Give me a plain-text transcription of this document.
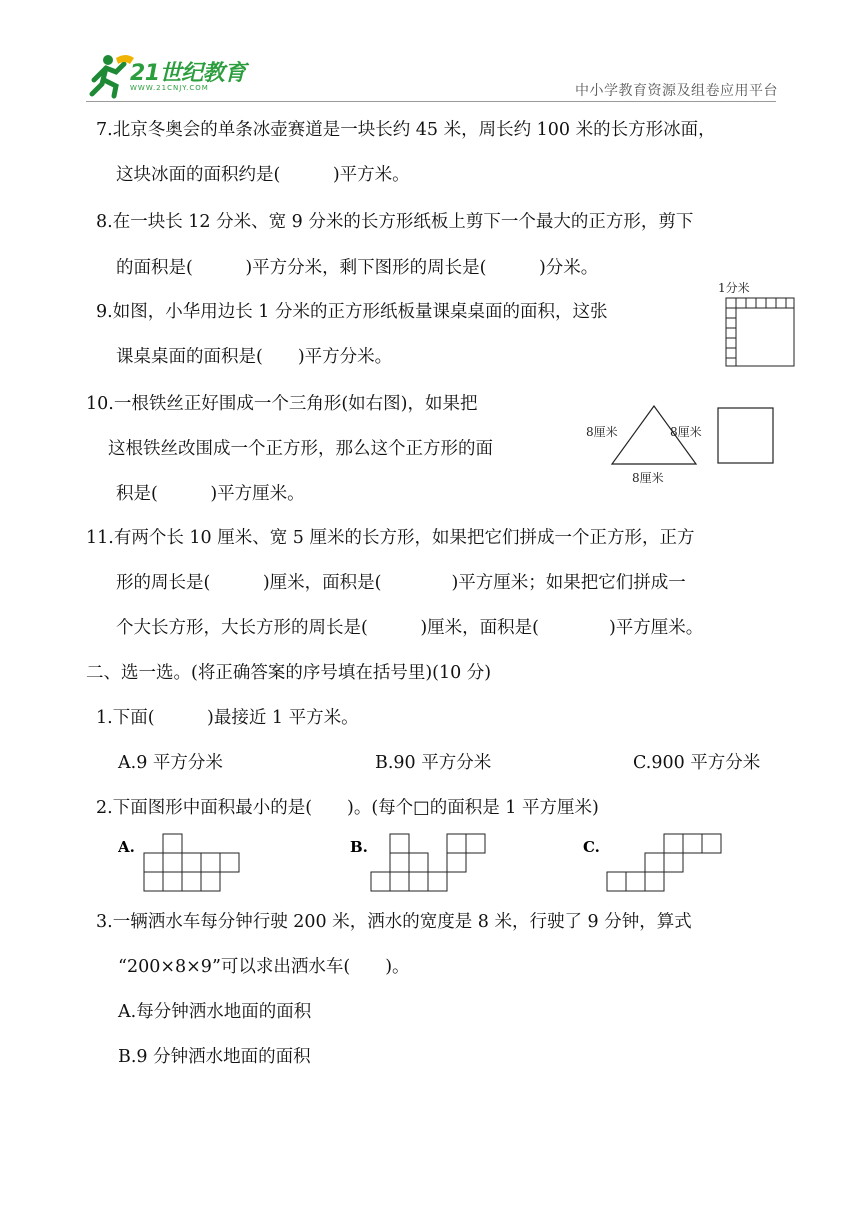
21世纪教育
WWW.21CNJY.COM	中小学教育资源及组卷应用平台
7.北京冬奥会的单条冰壶赛道是一块长约 45 米，周长约 100 米的长方形冰面，
这块冰面的面积约是(　　　)平方米。
8.在一块长 12 分米、宽 9 分米的长方形纸板上剪下一个最大的正方形，剪下
的面积是(　　　)平方分米，剩下图形的周长是(　　　)分米。
9.如图，小华用边长 1 分米的正方形纸板量课桌桌面的面积，这张
课桌桌面的面积是(　　)平方分米。
1分米
10.一根铁丝正好围成一个三角形(如右图)，如果把
这根铁丝改围成一个正方形，那么这个正方形的面
积是(　　　)平方厘米。
8厘米	8厘米
8厘米
11.有两个长 10 厘米、宽 5 厘米的长方形，如果把它们拼成一个正方形，正方
形的周长是(　　　)厘米，面积是(　　　　)平方厘米；如果把它们拼成一
个大长方形，大长方形的周长是(　　　)厘米，面积是(　　　　)平方厘米。
二、选一选。(将正确答案的序号填在括号里)(10 分)
1.下面(　　　)最接近 1 平方米。
A.9 平方分米	B.90 平方分米	C.900 平方分米
2.下面图形中面积最小的是(　　)。(每个□的面积是 1 平方厘米)
A.	B.	C.
3.一辆洒水车每分钟行驶 200 米，洒水的宽度是 8 米，行驶了 9 分钟，算式
“200×8×9”可以求出洒水车(　　)。
A.每分钟洒水地面的面积
B.9 分钟洒水地面的面积
